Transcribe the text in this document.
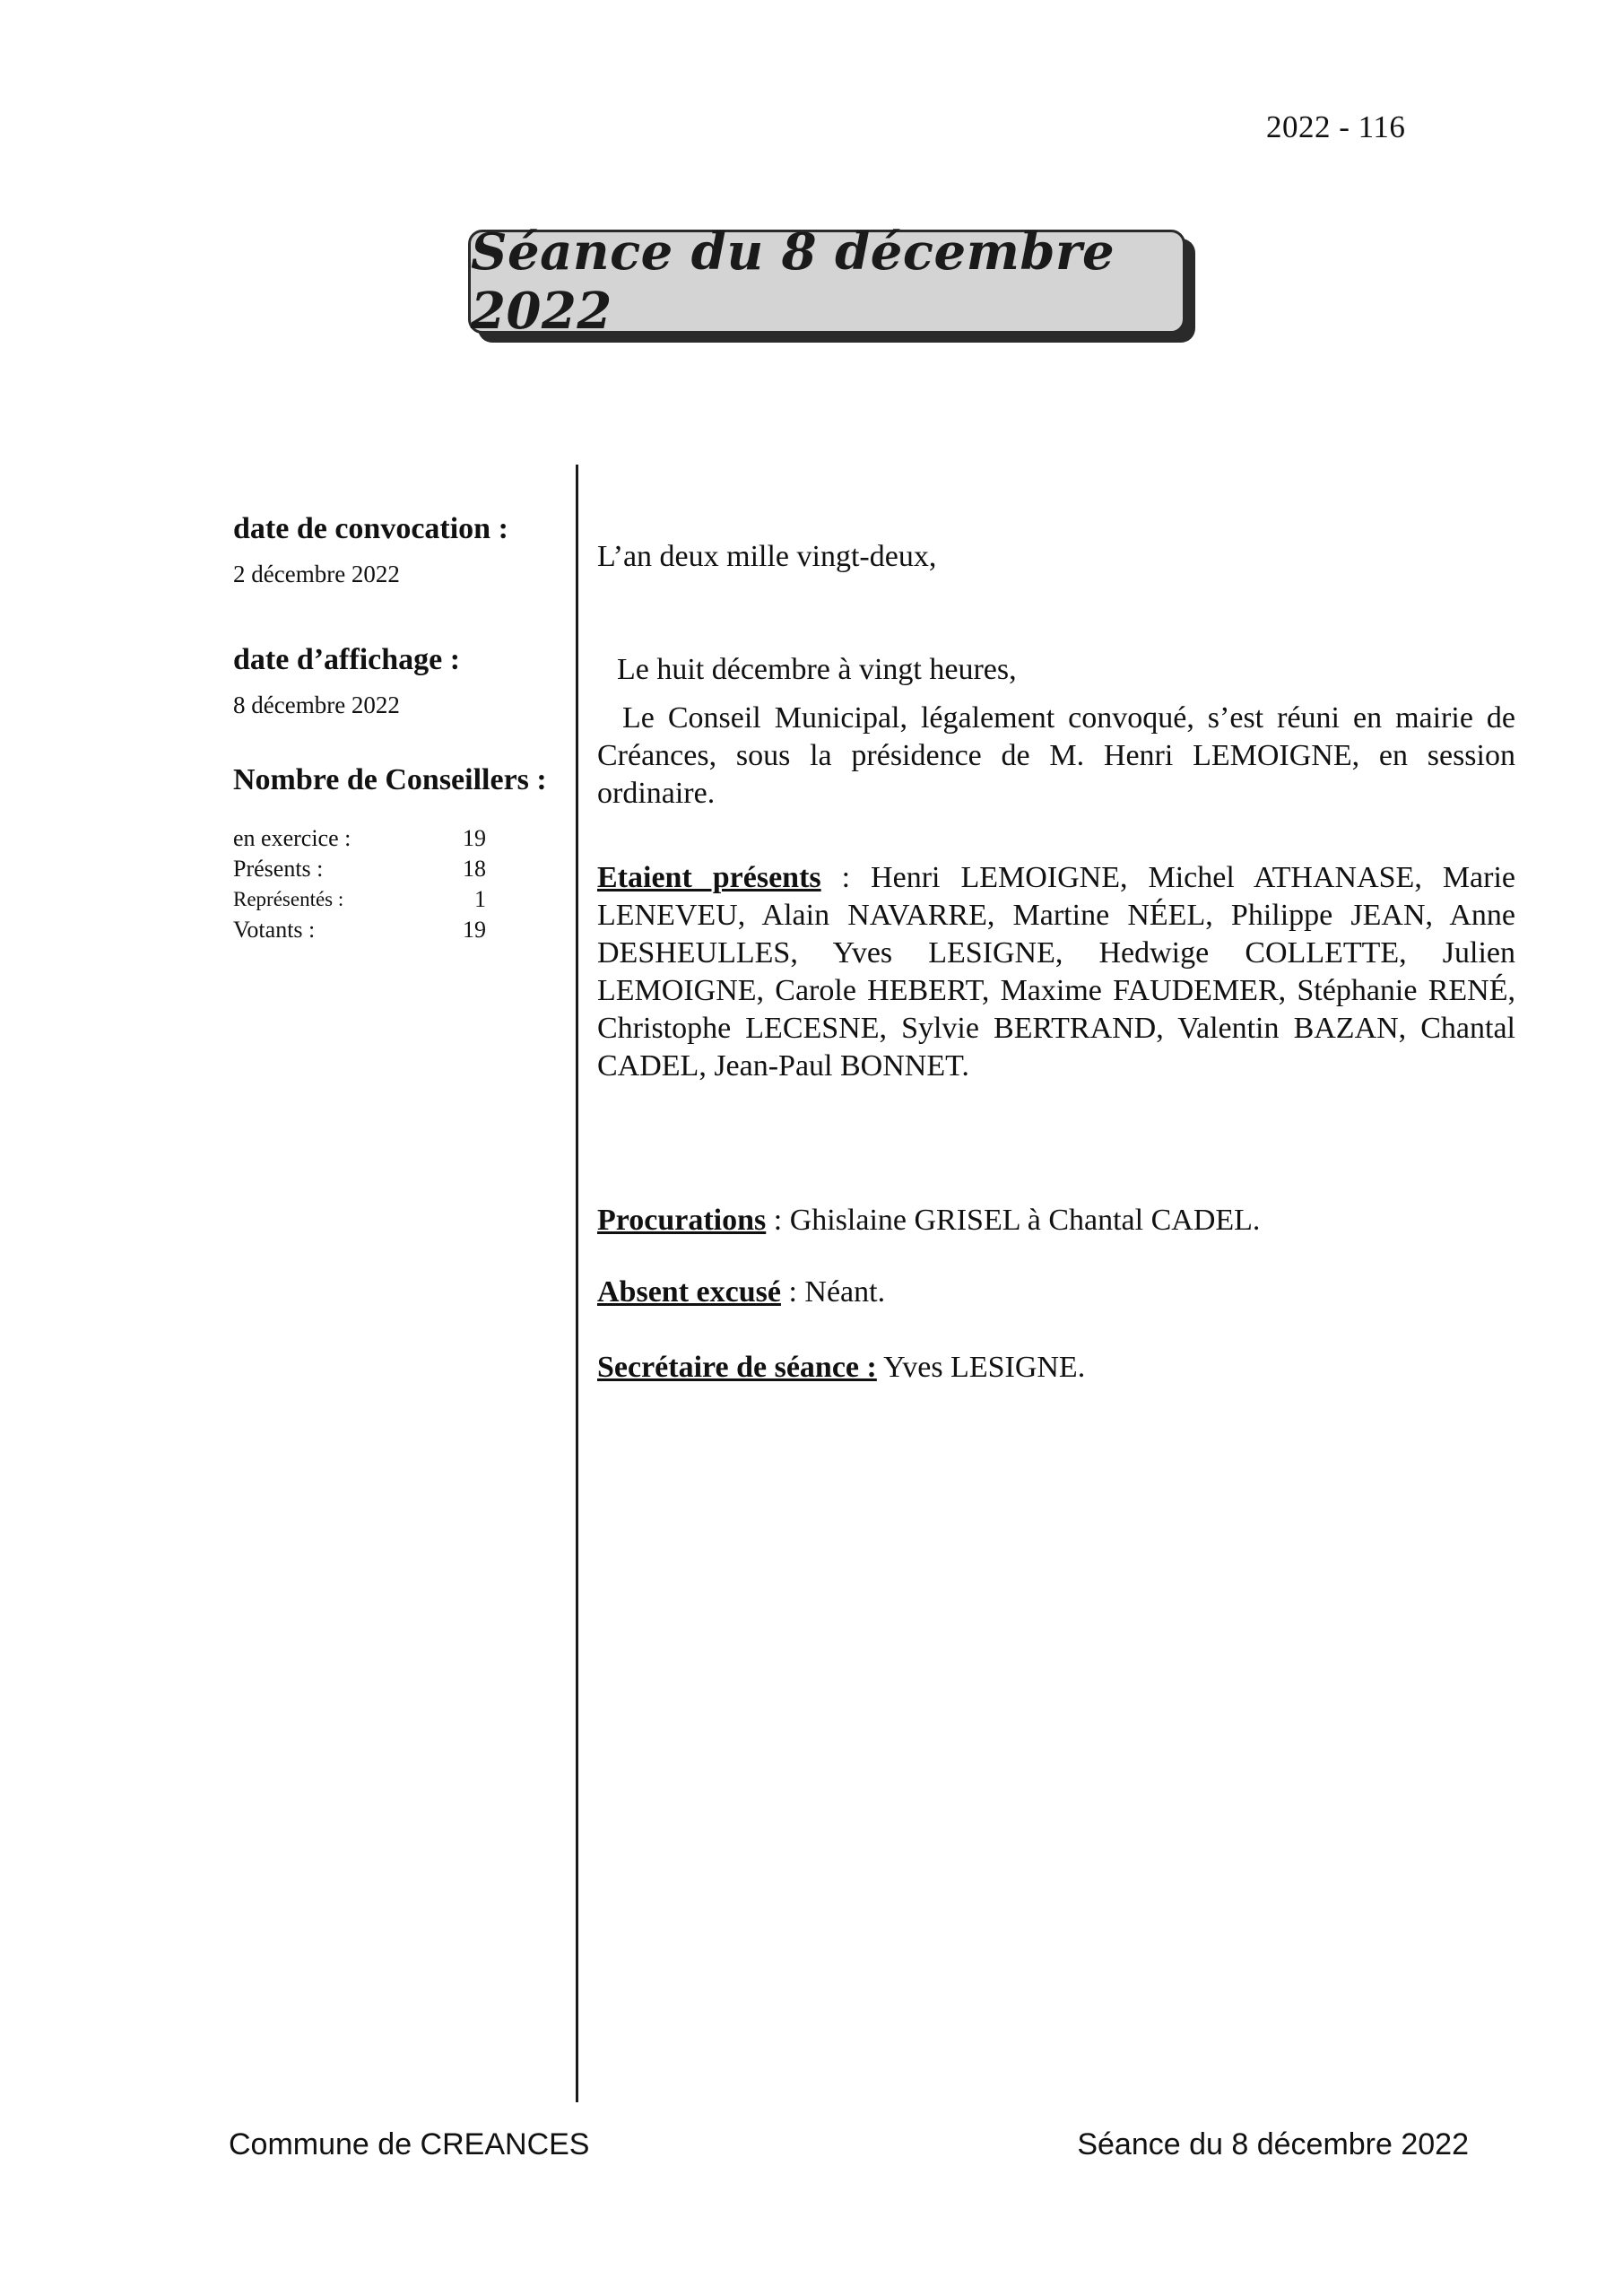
2022 - 116
Séance du 8 décembre 2022
date de convocation :
2 décembre 2022
date d’affichage :
8 décembre 2022
Nombre de Conseillers :
en exercice :	19
Présents :	18
Représentés :	1
Votants :	19

L’an deux mille vingt-deux,

Le huit décembre à vingt heures,

Le Conseil Municipal, légalement convoqué, s’est réuni en mairie de Créances, sous la présidence de M. Henri LEMOIGNE, en session ordinaire.

Etaient présents : Henri LEMOIGNE, Michel ATHANASE, Marie LENEVEU, Alain NAVARRE, Martine NÉEL, Philippe JEAN, Anne DESHEULLES, Yves LESIGNE, Hedwige COLLETTE, Julien LEMOIGNE, Carole HEBERT, Maxime FAUDEMER, Stéphanie RENÉ, Christophe LECESNE, Sylvie BERTRAND, Valentin BAZAN, Chantal CADEL, Jean-Paul BONNET.
Procurations : Ghislaine GRISEL à Chantal CADEL.
Absent excusé : Néant.
Secrétaire de séance : Yves LESIGNE.
Commune de CREANCES	Séance du 8 décembre 2022
